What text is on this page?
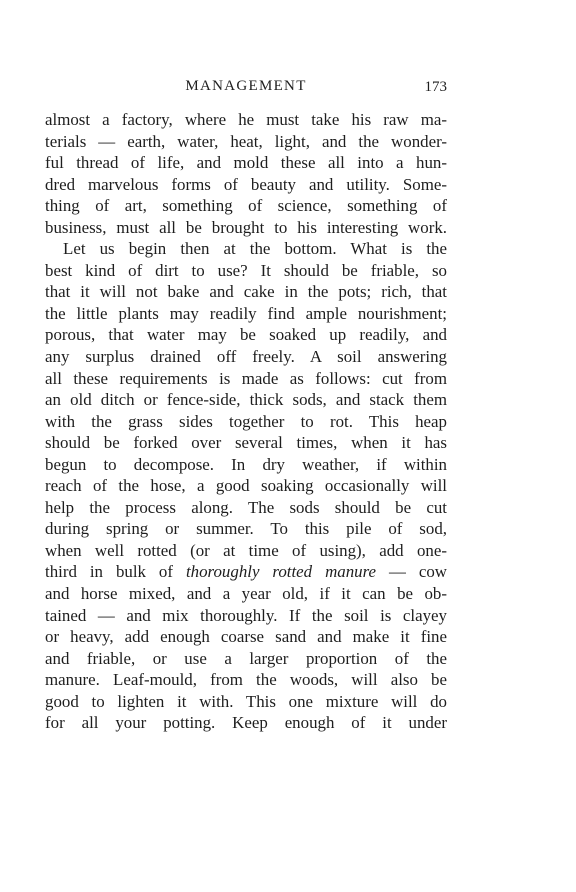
MANAGEMENT	173
almost a factory, where he must take his raw ma-
terials — earth, water, heat, light, and the wonder-
ful thread of life, and mold these all into a hun-
dred marvelous forms of beauty and utility. Some-
thing of art, something of science, something of
business, must all be brought to his interesting work.
Let us begin then at the bottom. What is the
best kind of dirt to use? It should be friable, so
that it will not bake and cake in the pots; rich, that
the little plants may readily find ample nourishment;
porous, that water may be soaked up readily, and
any surplus drained off freely. A soil answering
all these requirements is made as follows: cut from
an old ditch or fence-side, thick sods, and stack them
with the grass sides together to rot. This heap
should be forked over several times, when it has
begun to decompose. In dry weather, if within
reach of the hose, a good soaking occasionally will
help the process along. The sods should be cut
during spring or summer. To this pile of sod,
when well rotted (or at time of using), add one-
third in bulk of thoroughly rotted manure — cow
and horse mixed, and a year old, if it can be ob-
tained — and mix thoroughly. If the soil is clayey
or heavy, add enough coarse sand and make it fine
and friable, or use a larger proportion of the
manure. Leaf-mould, from the woods, will also be
good to lighten it with. This one mixture will do
for all your potting. Keep enough of it under
